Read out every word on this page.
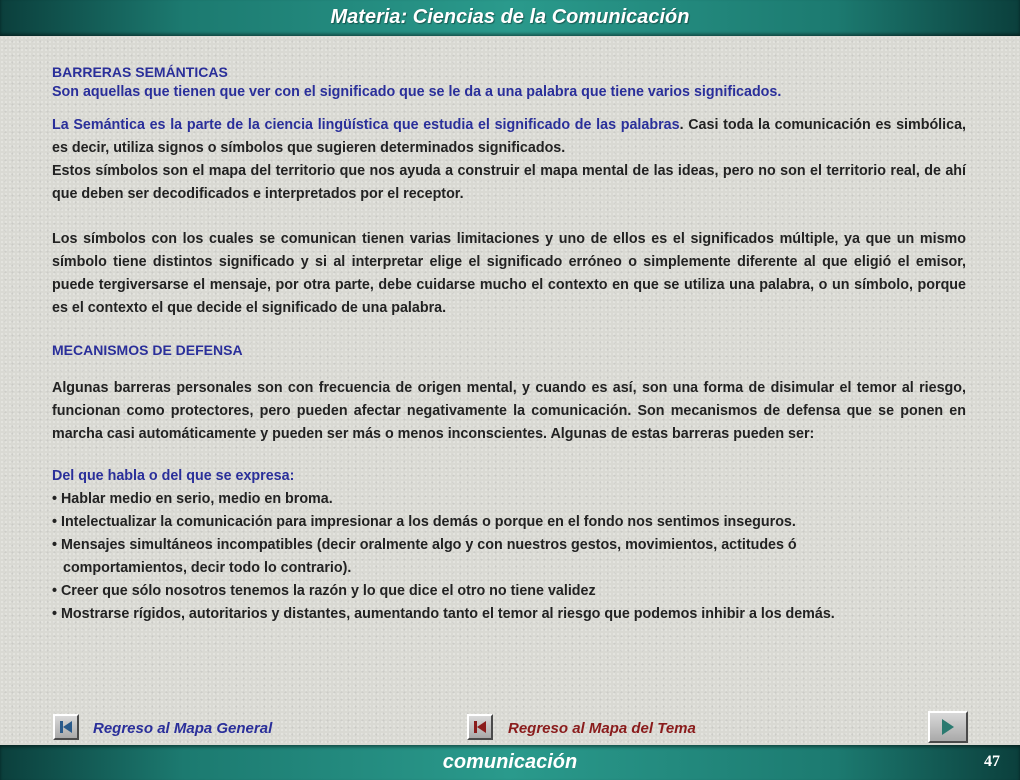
Materia: Ciencias de la Comunicación
BARRERAS SEMÁNTICAS
Son aquellas que tienen que ver con el significado que se le da a una palabra que tiene varios significados.

La Semántica es la parte de la ciencia lingüística que estudia el significado de las palabras. Casi toda la comunicación es simbólica, es decir, utiliza signos o símbolos que sugieren determinados significados.

Estos símbolos son el mapa del territorio que nos ayuda a construir el mapa mental de las ideas, pero no son el territorio real, de ahí que deben ser decodificados e interpretados por el receptor.

Los símbolos con los cuales se comunican tienen varias limitaciones y uno de ellos es el significados múltiple, ya que un mismo símbolo tiene distintos significado y si al interpretar elige el significado erróneo o simplemente diferente al que eligió el emisor, puede tergiversarse el mensaje, por otra parte, debe cuidarse mucho el contexto en que se utiliza una palabra, o un símbolo, porque es el contexto el que decide el significado de una palabra.

MECANISMOS DE DEFENSA

Algunas barreras personales son con frecuencia de origen mental, y cuando es así, son una forma de disimular el temor al riesgo, funcionan como protectores, pero pueden afectar negativamente la comunicación. Son mecanismos de defensa que se ponen en marcha casi automáticamente y pueden ser más o menos inconscientes. Algunas de estas barreras pueden ser:

Del que habla o del que se expresa:
• Hablar medio en serio, medio en broma.
• Intelectualizar la comunicación para impresionar a los demás o porque en el fondo nos sentimos inseguros.
• Mensajes simultáneos incompatibles (decir oralmente algo y con nuestros gestos, movimientos, actitudes ó
comportamientos, decir todo lo contrario).
• Creer que sólo nosotros tenemos la razón y lo que dice el otro no tiene validez
• Mostrarse rígidos, autoritarios y distantes, aumentando tanto el temor al riesgo que podemos inhibir a los demás.
Regreso al Mapa General	Regreso al Mapa del Tema
comunicación	47
